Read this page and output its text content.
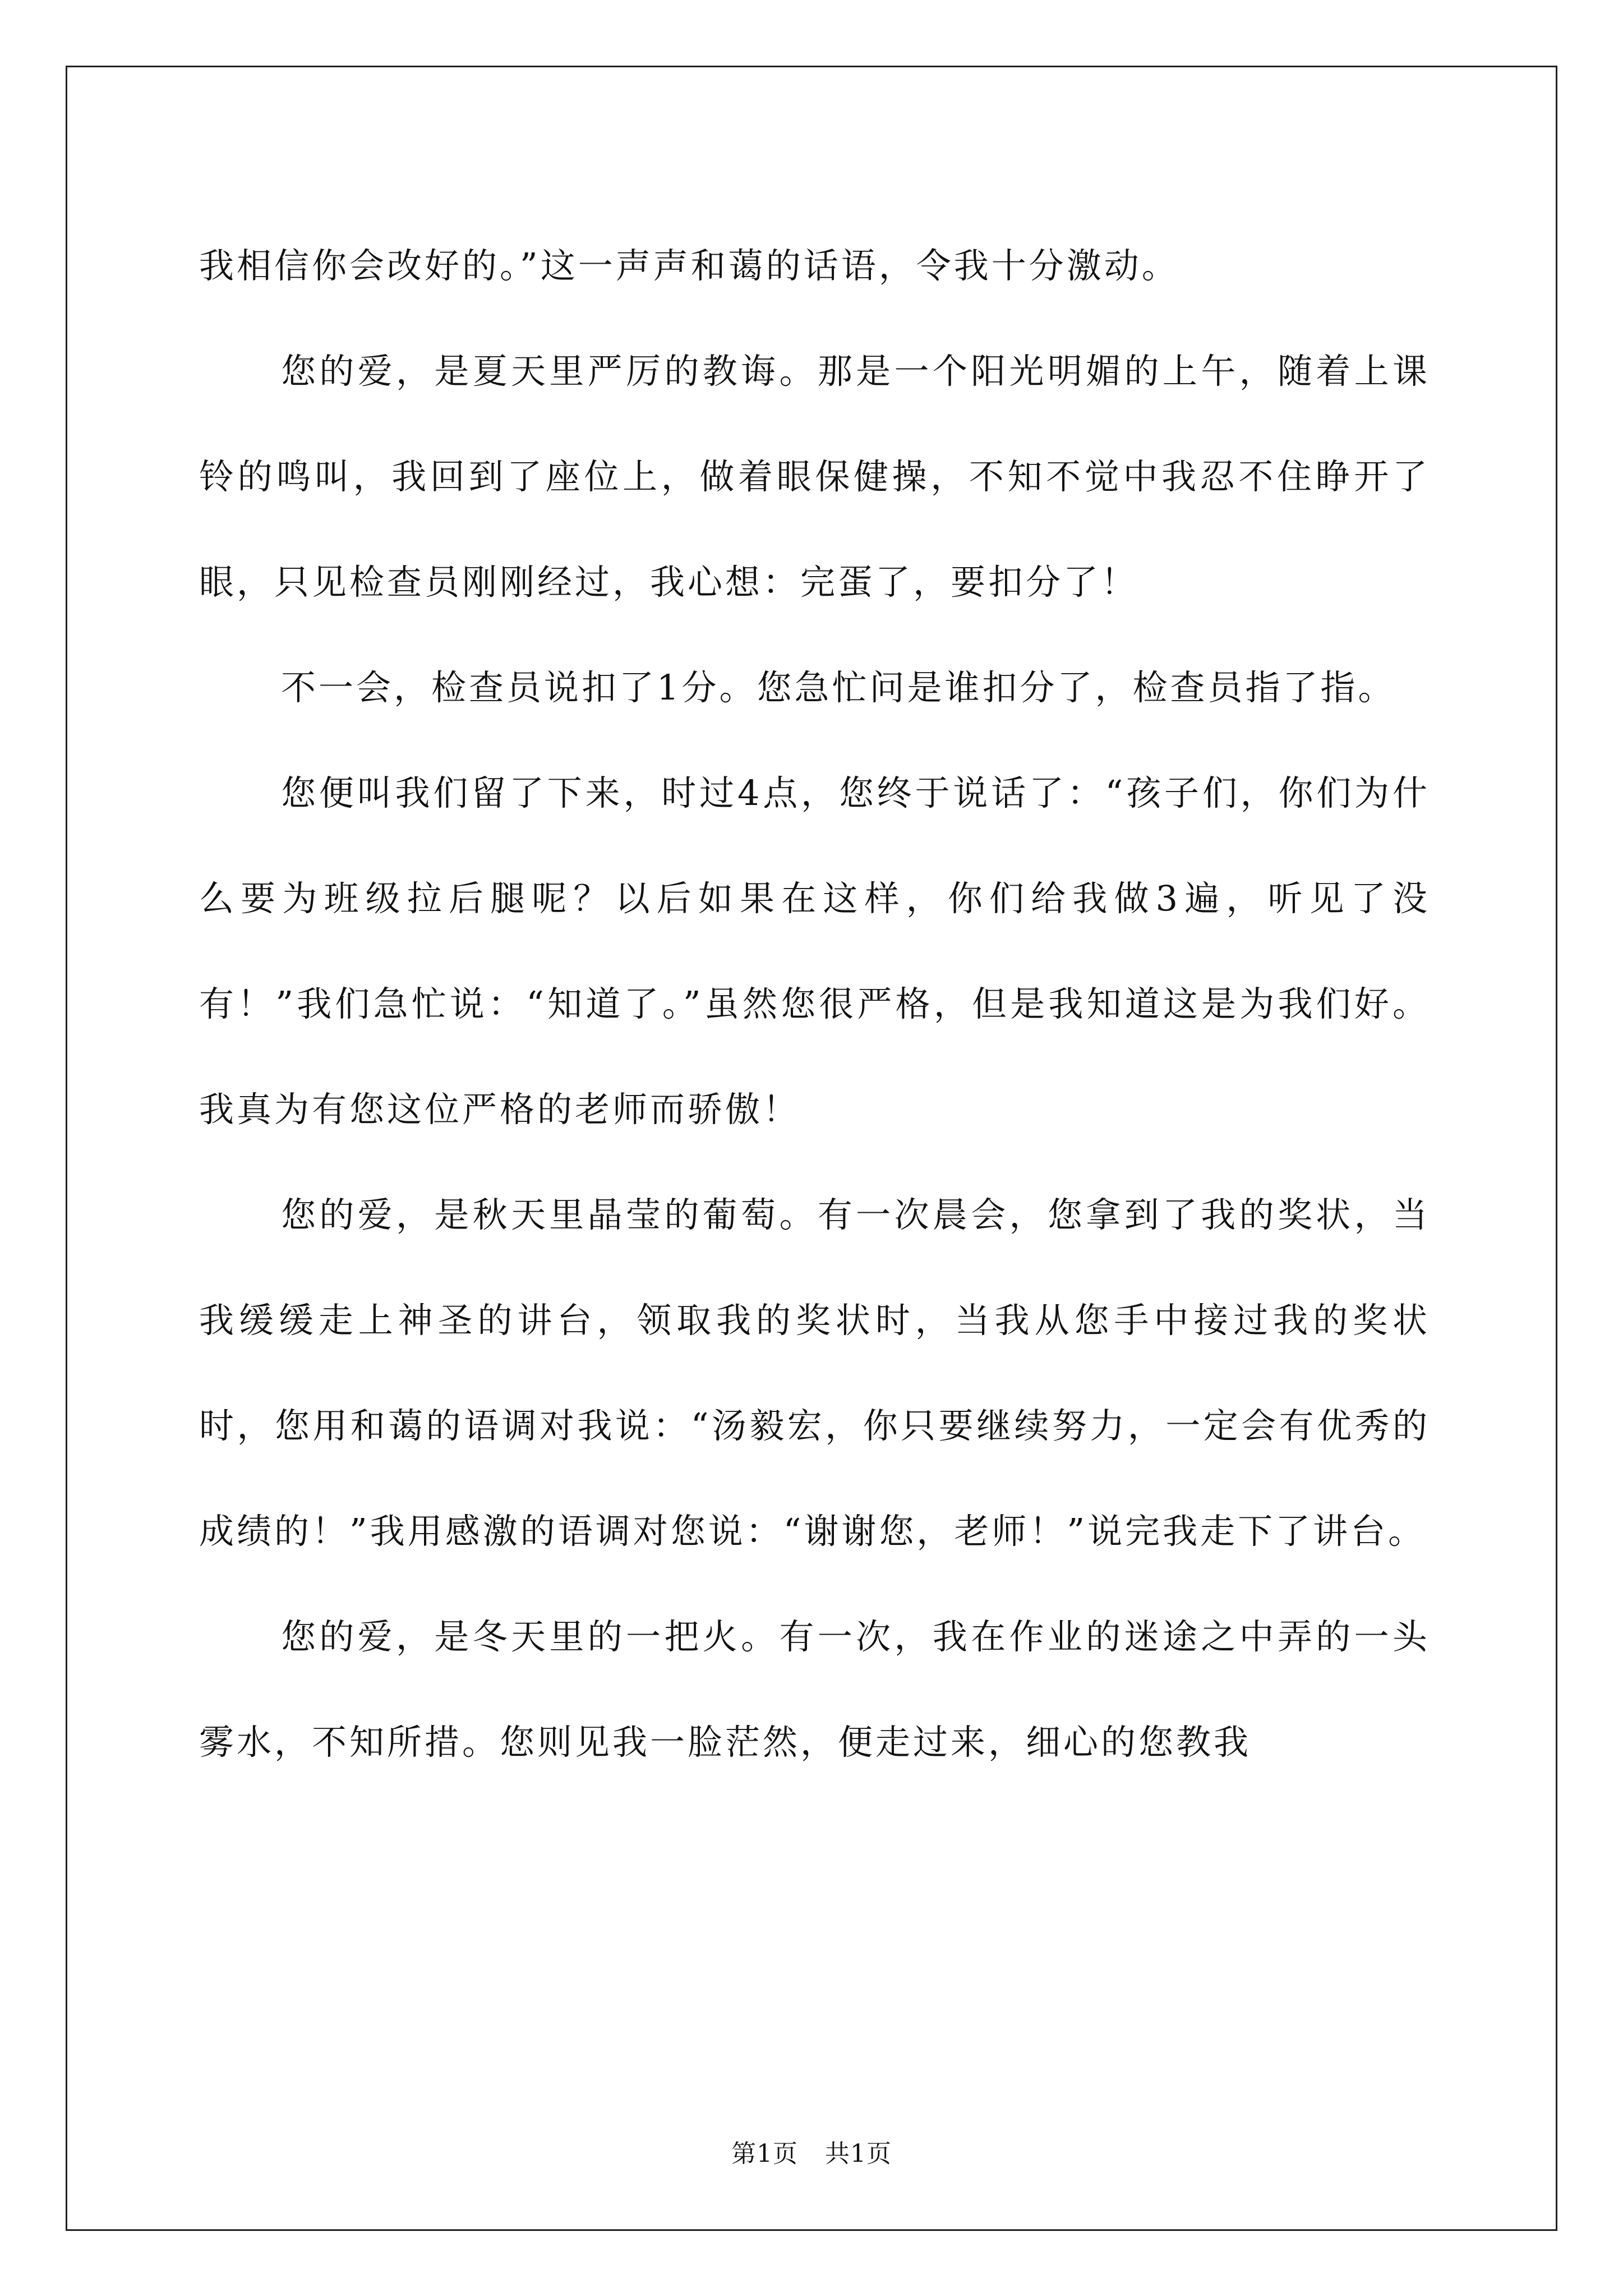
我相信你会改好的。”这一声声和蔼的话语，令我十分激动。

您的爱，是夏天里严厉的教诲。那是一个阳光明媚的上午，随着上课铃的鸣叫，我回到了座位上，做着眼保健操，不知不觉中我忍不住睁开了眼，只见检查员刚刚经过，我心想：完蛋了，要扣分了！

不一会，检查员说扣了1分。您急忙问是谁扣分了，检查员指了指。

您便叫我们留了下来，时过4点，您终于说话了：“孩子们，你们为什么要为班级拉后腿呢？以后如果在这样，你们给我做3遍，听见了没有！”我们急忙说：“知道了。”虽然您很严格，但是我知道这是为我们好。我真为有您这位严格的老师而骄傲！

您的爱，是秋天里晶莹的葡萄。有一次晨会，您拿到了我的奖状，当我缓缓走上神圣的讲台，领取我的奖状时，当我从您手中接过我的奖状时，您用和蔼的语调对我说：“汤毅宏，你只要继续努力，一定会有优秀的成绩的！”我用感激的语调对您说：“谢谢您，老师！”说完我走下了讲台。

您的爱，是冬天里的一把火。有一次，我在作业的迷途之中弄的一头雾水，不知所措。您则见我一脸茫然，便走过来，细心的您教我

第1页 共1页
